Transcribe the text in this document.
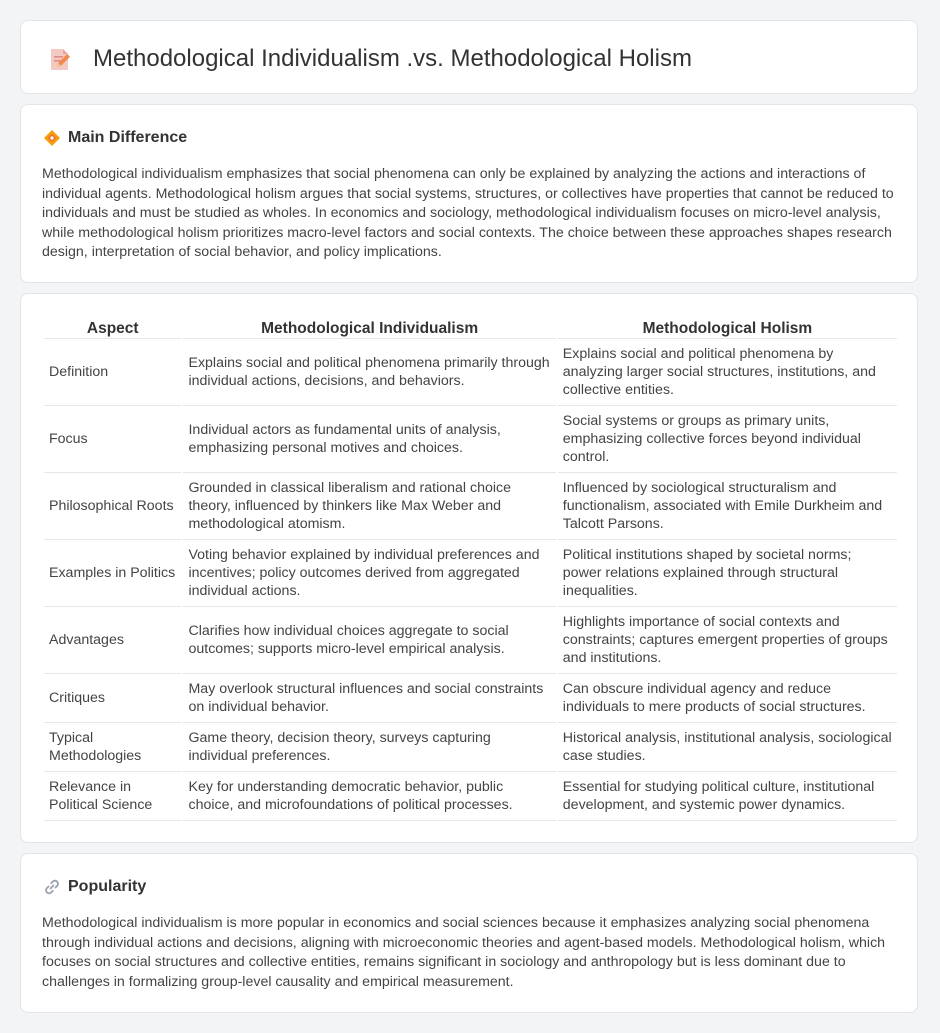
Methodological Individualism .vs. Methodological Holism
Main Difference

Methodological individualism emphasizes that social phenomena can only be explained by analyzing the actions and interactions of individual agents. Methodological holism argues that social systems, structures, or collectives have properties that cannot be reduced to individuals and must be studied as wholes. In economics and sociology, methodological individualism focuses on micro-level analysis, while methodological holism prioritizes macro-level factors and social contexts. The choice between these approaches shapes research design, interpretation of social behavior, and policy implications.

Aspect	Methodological Individualism	Methodological Holism
Definition	Explains social and political phenomena primarily through individual actions, decisions, and behaviors.	Explains social and political phenomena by analyzing larger social structures, institutions, and collective entities.
Focus	Individual actors as fundamental units of analysis, emphasizing personal motives and choices.	Social systems or groups as primary units, emphasizing collective forces beyond individual control.
Philosophical Roots	Grounded in classical liberalism and rational choice theory, influenced by thinkers like Max Weber and methodological atomism.	Influenced by sociological structuralism and functionalism, associated with Emile Durkheim and Talcott Parsons.
Examples in Politics	Voting behavior explained by individual preferences and incentives; policy outcomes derived from aggregated individual actions.	Political institutions shaped by societal norms; power relations explained through structural inequalities.
Advantages	Clarifies how individual choices aggregate to social outcomes; supports micro-level empirical analysis.	Highlights importance of social contexts and constraints; captures emergent properties of groups and institutions.
Critiques	May overlook structural influences and social constraints on individual behavior.	Can obscure individual agency and reduce individuals to mere products of social structures.
Typical Methodologies	Game theory, decision theory, surveys capturing individual preferences.	Historical analysis, institutional analysis, sociological case studies.
Relevance in Political Science	Key for understanding democratic behavior, public choice, and microfoundations of political processes.	Essential for studying political culture, institutional development, and systemic power dynamics.
Popularity

Methodological individualism is more popular in economics and social sciences because it emphasizes analyzing social phenomena through individual actions and decisions, aligning with microeconomic theories and agent-based models. Methodological holism, which focuses on social structures and collective entities, remains significant in sociology and anthropology but is less dominant due to challenges in formalizing group-level causality and empirical measurement.
